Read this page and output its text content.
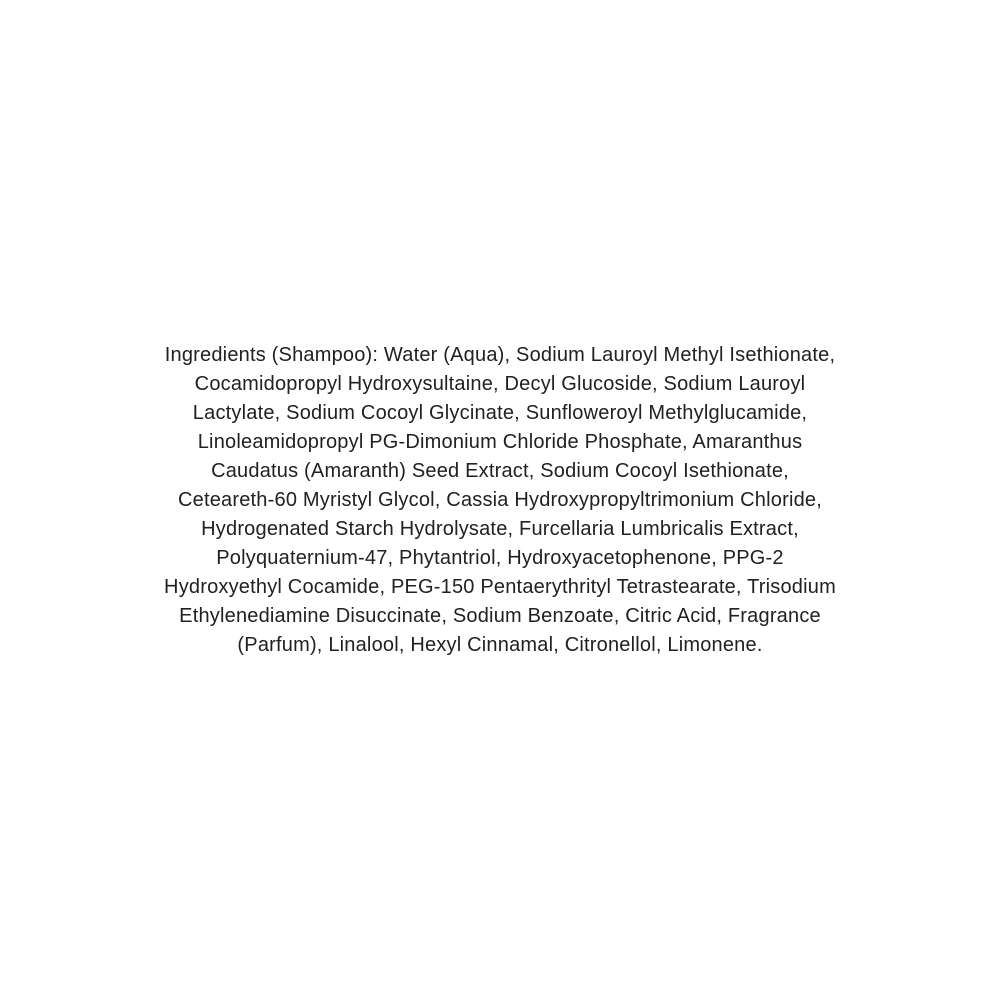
Ingredients (Shampoo): Water (Aqua), Sodium Lauroyl Methyl Isethionate,
Cocamidopropyl Hydroxysultaine, Decyl Glucoside, Sodium Lauroyl
Lactylate, Sodium Cocoyl Glycinate, Sunfloweroyl Methylglucamide,
Linoleamidopropyl PG-Dimonium Chloride Phosphate, Amaranthus
Caudatus (Amaranth) Seed Extract, Sodium Cocoyl Isethionate,
Ceteareth-60 Myristyl Glycol, Cassia Hydroxypropyltrimonium Chloride,
Hydrogenated Starch Hydrolysate, Furcellaria Lumbricalis Extract,
Polyquaternium-47, Phytantriol, Hydroxyacetophenone, PPG-2
Hydroxyethyl Cocamide, PEG-150 Pentaerythrityl Tetrastearate, Trisodium
Ethylenediamine Disuccinate, Sodium Benzoate, Citric Acid, Fragrance
(Parfum), Linalool, Hexyl Cinnamal, Citronellol, Limonene.
